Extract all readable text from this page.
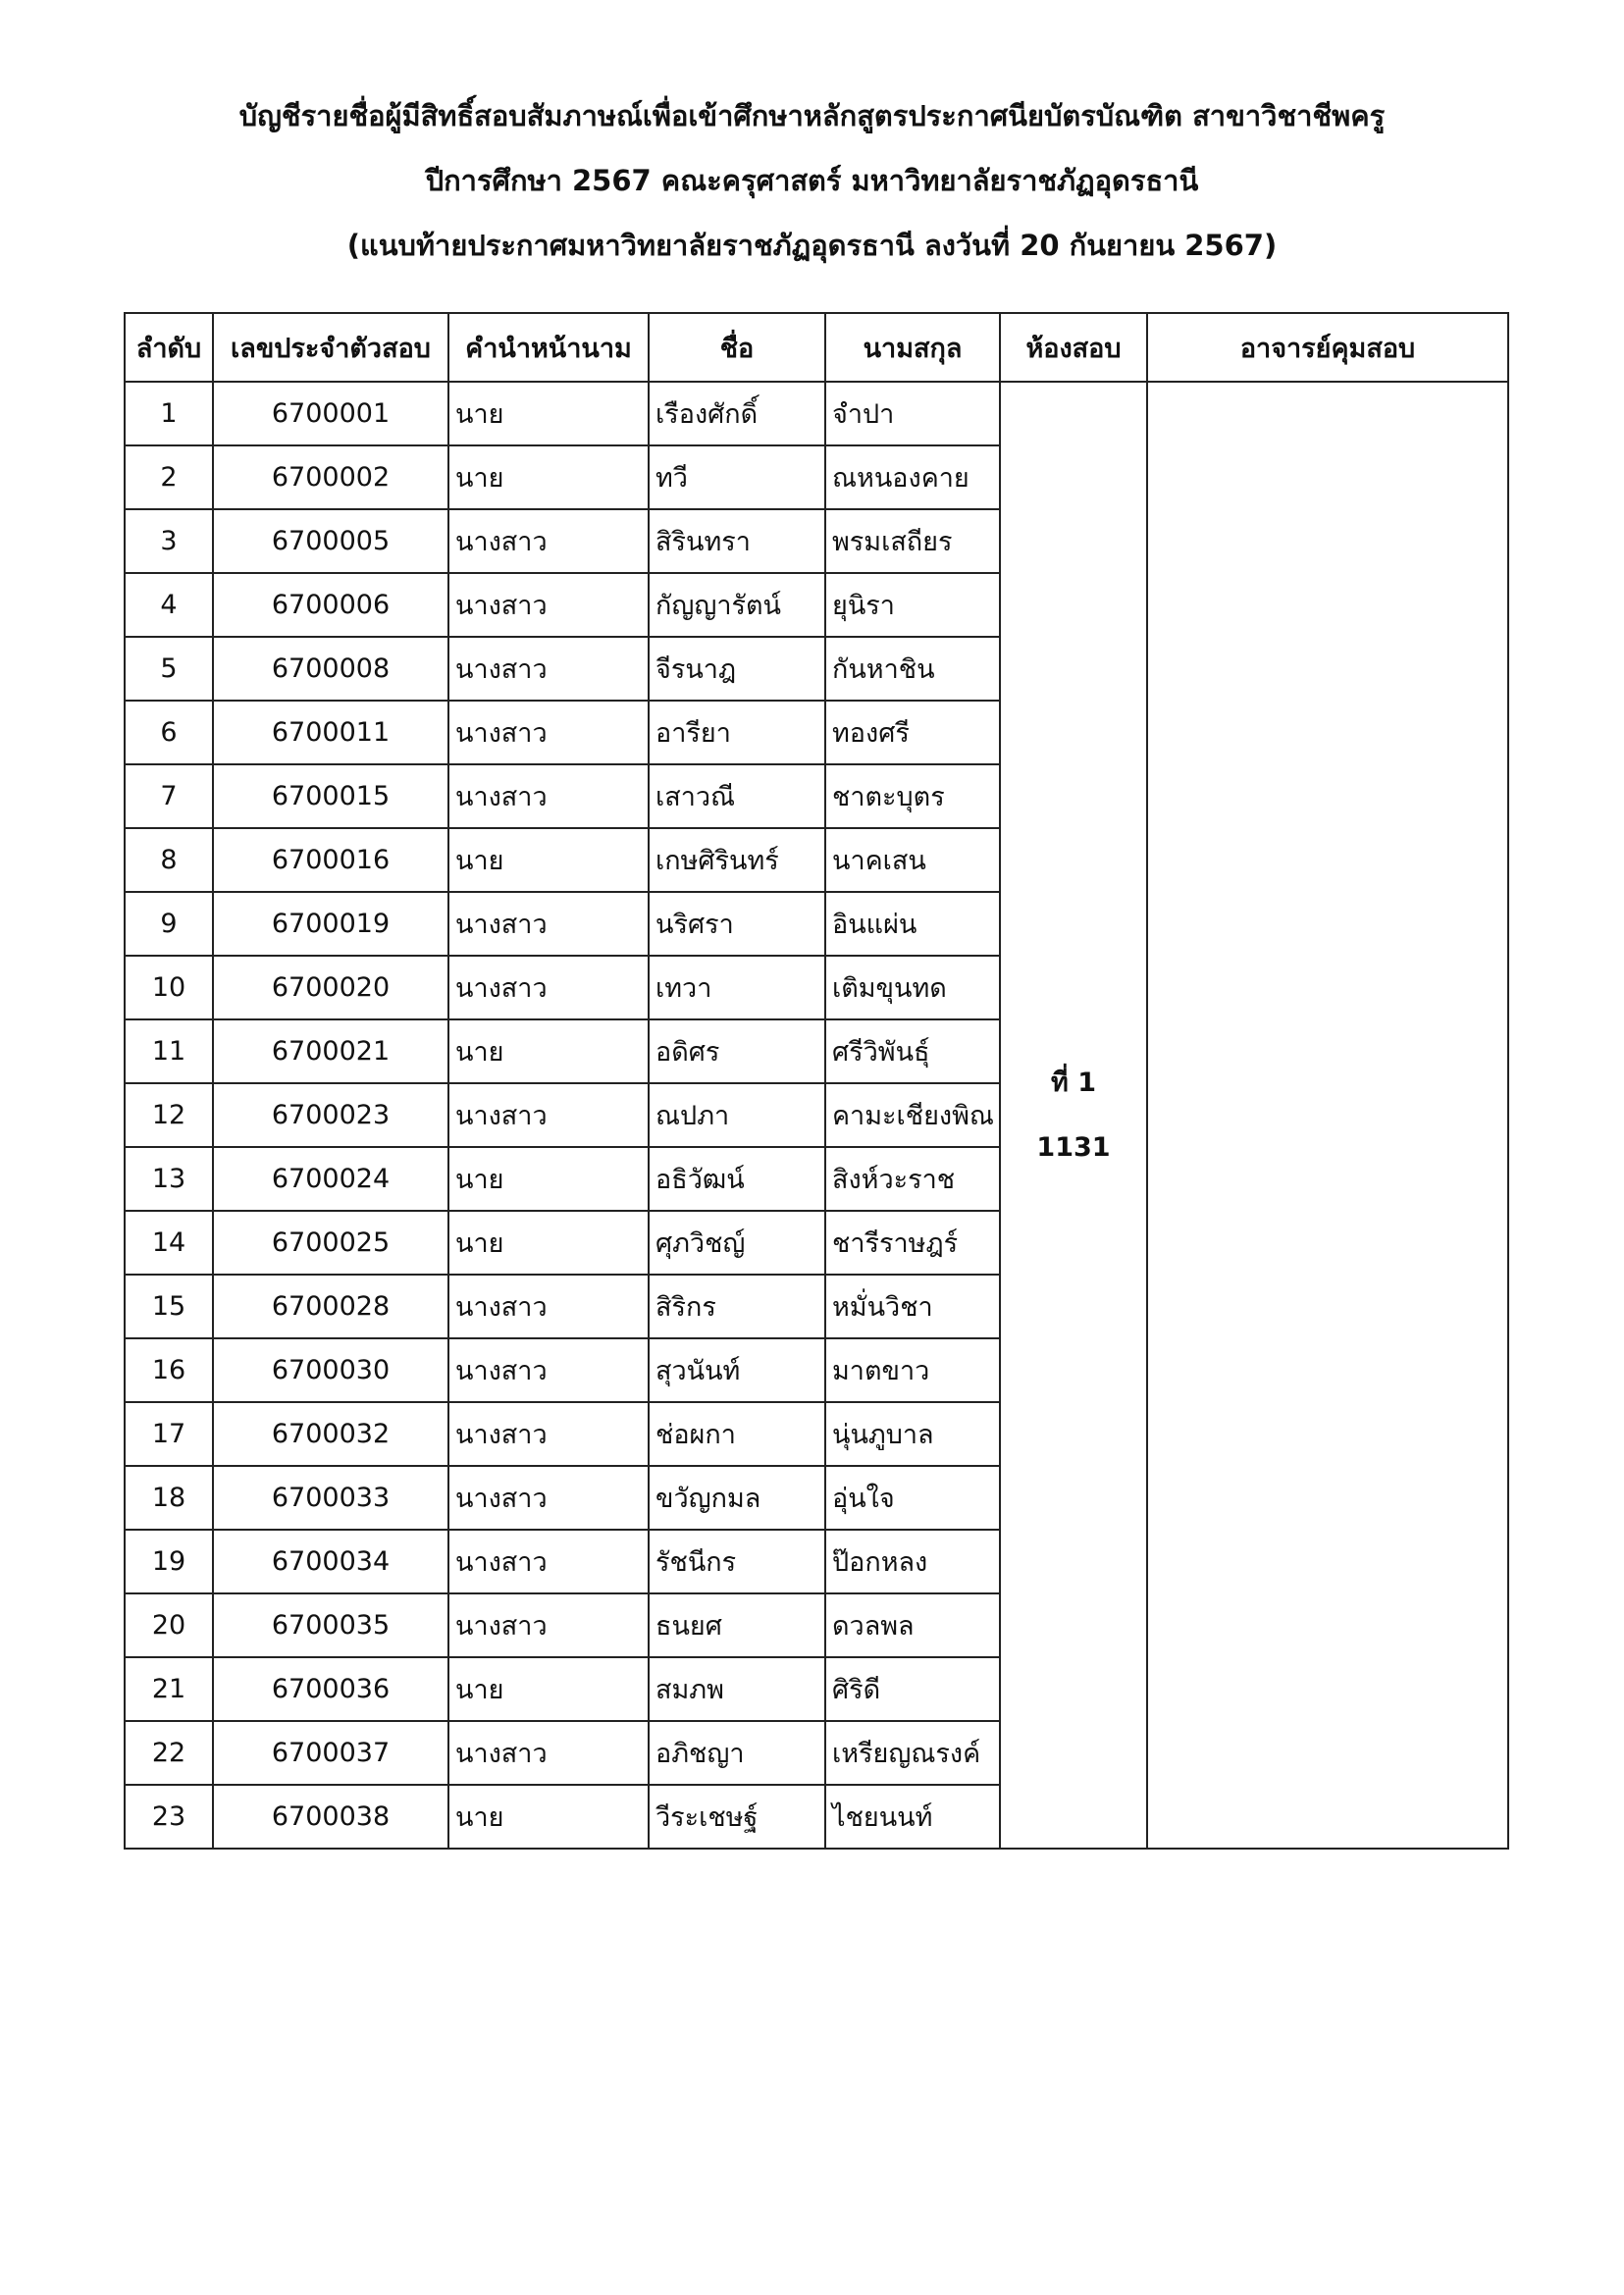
บัญชีรายชื่อผู้มีสิทธิ์สอบสัมภาษณ์เพื่อเข้าศึกษาหลักสูตรประกาศนียบัตรบัณฑิต สาขาวิชาชีพครู
ปีการศึกษา 2567 คณะครุศาสตร์ มหาวิทยาลัยราชภัฏอุดรธานี
(แนบท้ายประกาศมหาวิทยาลัยราชภัฏอุดรธานี ลงวันที่ 20 กันยายน 2567)
ลำดับ	เลขประจำตัวสอบ	คำนำหน้านาม	ชื่อ	นามสกุล	ห้องสอบ	อาจารย์คุมสอบ
1	6700001	นาย	เรืองศักดิ์	จำปา	ที่ 1
1131	

2	6700002	นาย	ทวี	ณหนองคาย		
3	6700005	นางสาว	สิรินทรา	พรมเสถียร		
4	6700006	นางสาว	กัญญารัตน์	ยุนิรา		
5	6700008	นางสาว	จีรนาฎ	กันหาชิน		
6	6700011	นางสาว	อารียา	ทองศรี		
7	6700015	นางสาว	เสาวณี	ชาตะบุตร		
8	6700016	นาย	เกษศิรินทร์	นาคเสน		
9	6700019	นางสาว	นริศรา	อินแผ่น		
10	6700020	นางสาว	เทวา	เติมขุนทด		
11	6700021	นาย	อดิศร	ศรีวิพันธุ์		
12	6700023	นางสาว	ณปภา	คามะเชียงพิณ		
13	6700024	นาย	อธิวัฒน์	สิงห์วะราช		
14	6700025	นาย	ศุภวิชญ์	ชารีราษฎร์		
15	6700028	นางสาว	สิริกร	หมั่นวิชา		
16	6700030	นางสาว	สุวนันท์	มาตขาว		
17	6700032	นางสาว	ช่อผกา	นุ่นภูบาล		
18	6700033	นางสาว	ขวัญกมล	อุ่นใจ		
19	6700034	นางสาว	รัชนีกร	ป๊อกหลง		
20	6700035	นางสาว	ธนยศ	ดวลพล		
21	6700036	นาย	สมภพ	ศิริดี		
22	6700037	นางสาว	อภิชญา	เหรียญณรงค์		
23	6700038	นาย	วีระเชษฐ์	ไชยนนท์		
